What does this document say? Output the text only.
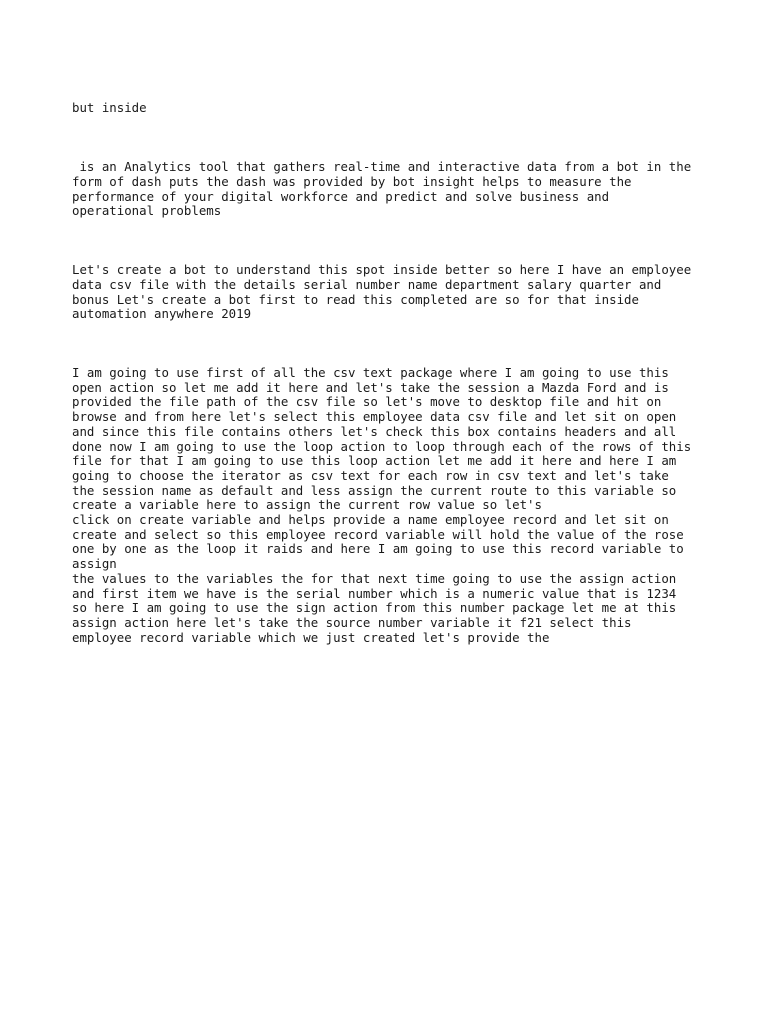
but inside

is an Analytics tool that gathers real-time and interactive data from a bot in the
form of dash puts the dash was provided by bot insight helps to measure the
performance of your digital workforce and predict and solve business and
operational problems

Let's create a bot to understand this spot inside better so here I have an employee
data csv file with the details serial number name department salary quarter and
bonus Let's create a bot first to read this completed are so for that inside
automation anywhere 2019

I am going to use first of all the csv text package where I am going to use this
open action so let me add it here and let's take the session a Mazda Ford and is
provided the file path of the csv file so let's move to desktop file and hit on
browse and from here let's select this employee data csv file and let sit on open
and since this file contains others let's check this box contains headers and all
done now I am going to use the loop action to loop through each of the rows of this
file for that I am going to use this loop action let me add it here and here I am
going to choose the iterator as csv text for each row in csv text and let's take
the session name as default and less assign the current route to this variable so
create a variable here to assign the current row value so let's
click on create variable and helps provide a name employee record and let sit on
create and select so this employee record variable will hold the value of the rose
one by one as the loop it raids and here I am going to use this record variable to
assign
the values to the variables the for that next time going to use the assign action
and first item we have is the serial number which is a numeric value that is 1234
so here I am going to use the sign action from this number package let me at this
assign action here let's take the source number variable it f21 select this
employee record variable which we just created let's provide the
